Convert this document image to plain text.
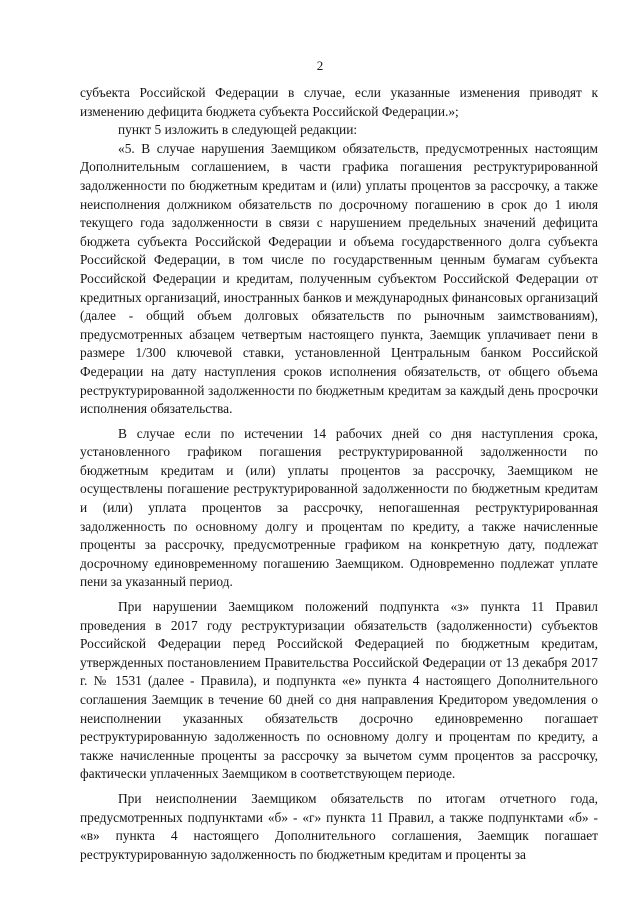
2

субъекта Российской Федерации в случае, если указанные изменения приводят к изменению дефицита бюджета субъекта Российской Федерации.»;

пункт 5 изложить в следующей редакции:

«5. В случае нарушения Заемщиком обязательств, предусмотренных настоящим Дополнительным соглашением, в части графика погашения реструктурированной задолженности по бюджетным кредитам и (или) уплаты процентов за рассрочку, а также неисполнения должником обязательств по досрочному погашению в срок до 1 июля текущего года задолженности в связи с нарушением предельных значений дефицита бюджета субъекта Российской Федерации и объема государственного долга субъекта Российской Федерации, в том числе по государственным ценным бумагам субъекта Российской Федерации и кредитам, полученным субъектом Российской Федерации от кредитных организаций, иностранных банков и международных финансовых организаций (далее - общий объем долговых обязательств по рыночным заимствованиям), предусмотренных абзацем четвертым настоящего пункта, Заемщик уплачивает пени в размере 1/300 ключевой ставки, установленной Центральным банком Российской Федерации на дату наступления сроков исполнения обязательств, от общего объема реструктурированной задолженности по бюджетным кредитам за каждый день просрочки исполнения обязательства.

В случае если по истечении 14 рабочих дней со дня наступления срока, установленного графиком погашения реструктурированной задолженности по бюджетным кредитам и (или) уплаты процентов за рассрочку, Заемщиком не осуществлены погашение реструктурированной задолженности по бюджетным кредитам и (или) уплата процентов за рассрочку, непогашенная реструктурированная задолженность по основному долгу и процентам по кредиту, а также начисленные проценты за рассрочку, предусмотренные графиком на конкретную дату, подлежат досрочному единовременному погашению Заемщиком. Одновременно подлежат уплате пени за указанный период.

При нарушении Заемщиком положений подпункта «з» пункта 11 Правил проведения в 2017 году реструктуризации обязательств (задолженности) субъектов Российской Федерации перед Российской Федерацией по бюджетным кредитам, утвержденных постановлением Правительства Российской Федерации от 13 декабря 2017 г. № 1531 (далее - Правила), и подпункта «е» пункта 4 настоящего Дополнительного соглашения Заемщик в течение 60 дней со дня направления Кредитором уведомления о неисполнении указанных обязательств досрочно единовременно погашает реструктурированную задолженность по основному долгу и процентам по кредиту, а также начисленные проценты за рассрочку за вычетом сумм процентов за рассрочку, фактически уплаченных Заемщиком в соответствующем периоде.

При неисполнении Заемщиком обязательств по итогам отчетного года, предусмотренных подпунктами «б» - «г» пункта 11 Правил, а также подпунктами «б» - «в» пункта 4 настоящего Дополнительного соглашения, Заемщик погашает реструктурированную задолженность по бюджетным кредитам и проценты за
